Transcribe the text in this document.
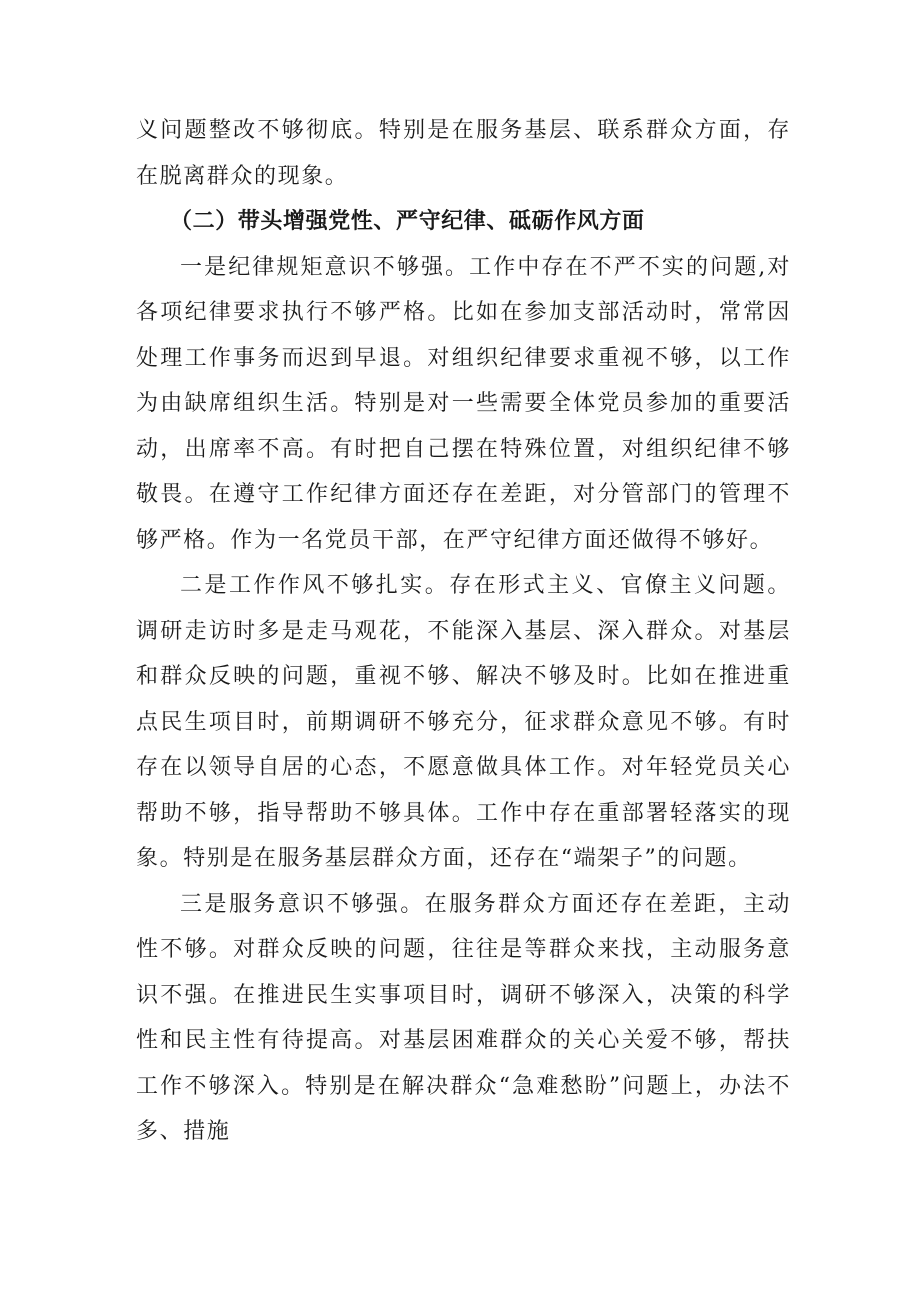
义问题整改不够彻底。特别是在服务基层、联系群众方面，存在脱离群众的现象。

（二）带头增强党性、严守纪律、砥砺作风方面

一是纪律规矩意识不够强。工作中存在不严不实的问题,对各项纪律要求执行不够严格。比如在参加支部活动时，常常因处理工作事务而迟到早退。对组织纪律要求重视不够，以工作为由缺席组织生活。特别是对一些需要全体党员参加的重要活动，出席率不高。有时把自己摆在特殊位置，对组织纪律不够敬畏。在遵守工作纪律方面还存在差距，对分管部门的管理不够严格。作为一名党员干部，在严守纪律方面还做得不够好。

二是工作作风不够扎实。存在形式主义、官僚主义问题。调研走访时多是走马观花，不能深入基层、深入群众。对基层和群众反映的问题，重视不够、解决不够及时。比如在推进重点民生项目时，前期调研不够充分，征求群众意见不够。有时存在以领导自居的心态，不愿意做具体工作。对年轻党员关心帮助不够，指导帮助不够具体。工作中存在重部署轻落实的现象。特别是在服务基层群众方面，还存在“端架子”的问题。

三是服务意识不够强。在服务群众方面还存在差距，主动性不够。对群众反映的问题，往往是等群众来找，主动服务意识不强。在推进民生实事项目时，调研不够深入，决策的科学性和民主性有待提高。对基层困难群众的关心关爱不够，帮扶工作不够深入。特别是在解决群众“急难愁盼”问题上，办法不多、措施
